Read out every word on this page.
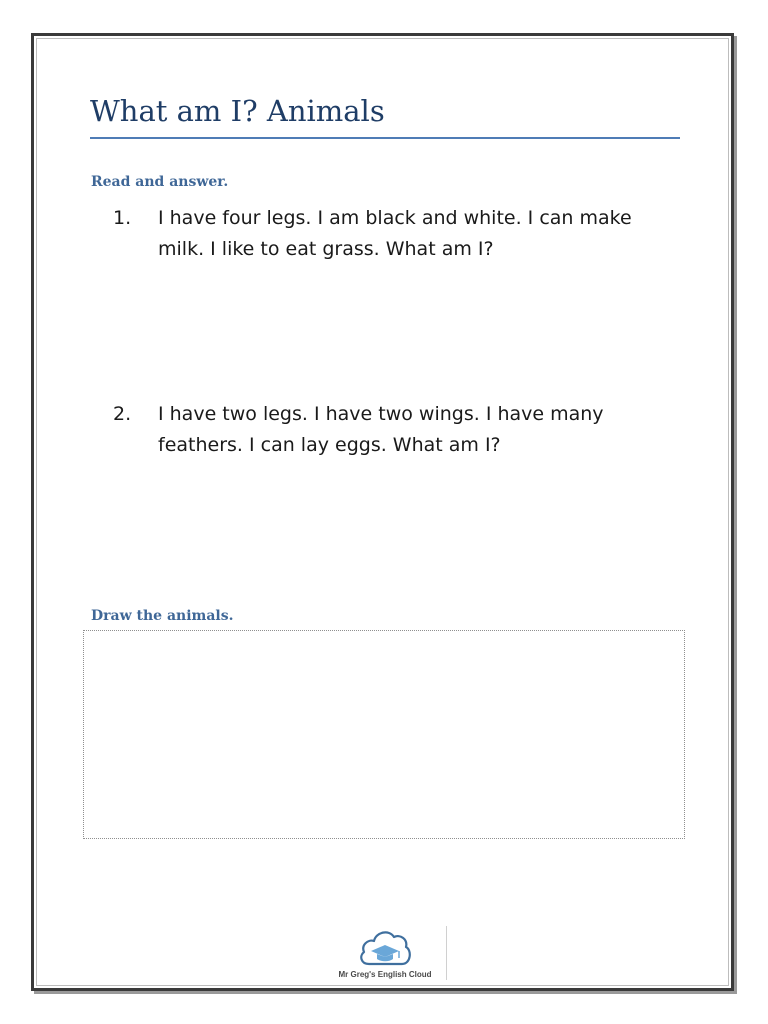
What am I? Animals
Read and answer.
1. I have four legs. I am black and white. I can make milk. I like to eat grass. What am I?
2. I have two legs. I have two wings. I have many feathers. I can lay eggs. What am I?
Draw the animals.
Mr Greg's English Cloud
